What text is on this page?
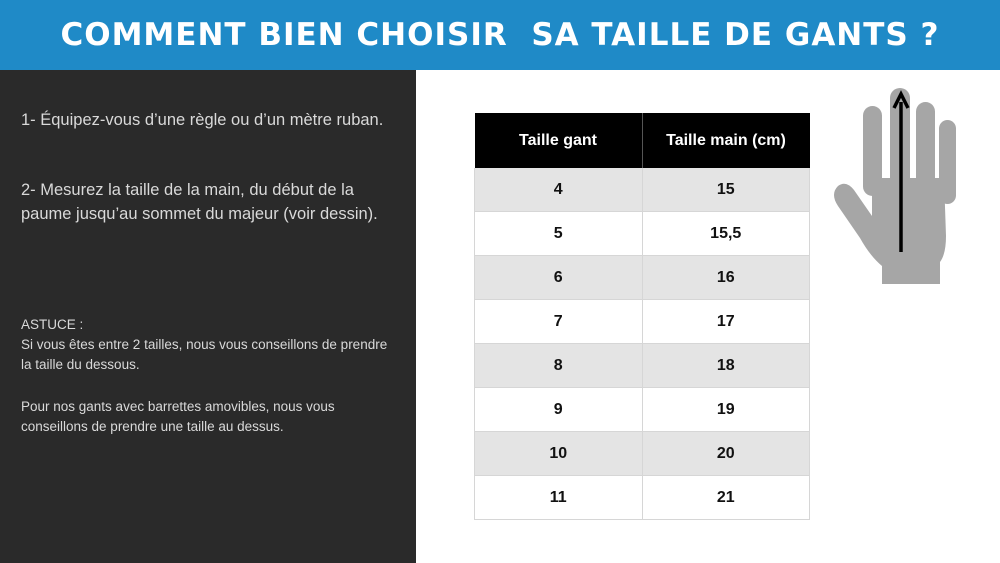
COMMENT BIEN CHOISIR  SA TAILLE DE GANTS ?
1- Équipez-vous d’une règle ou d’un mètre ruban.
2- Mesurez la taille de la main, du début de la paume jusqu’au sommet du majeur (voir dessin).
ASTUCE :
Si vous êtes entre 2 tailles, nous vous conseillons de prendre la taille du dessous.
Pour nos gants avec barrettes amovibles, nous vous conseillons de prendre une taille au dessus.
Taille gant	Taille main (cm)
4	15
5	15,5
6	16
7	17
8	18
9	19
10	20
11	21
